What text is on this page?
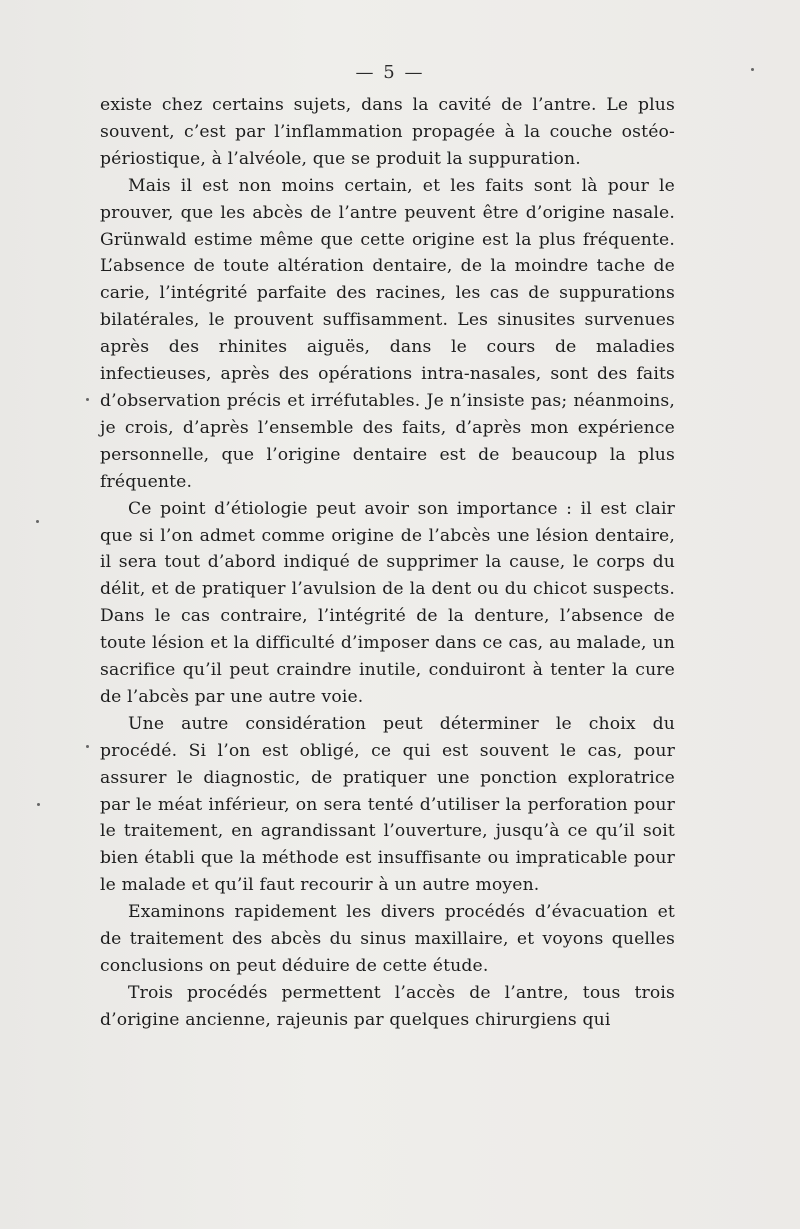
— 5 —

existe chez certains sujets, dans la cavité de l’antre. Le plus souvent, c’est par l’inflammation propagée à la couche ostéo-périostique, à l’alvéole, que se produit la suppuration.

Mais il est non moins certain, et les faits sont là pour le prouver, que les abcès de l’antre peuvent être d’origine nasale. Grünwald estime même que cette origine est la plus fréquente. L’absence de toute altération dentaire, de la moindre tache de carie, l’intégrité parfaite des racines, les cas de suppurations bilatérales, le prouvent suffisamment. Les sinusites survenues après des rhinites aiguës, dans le cours de maladies infectieuses, après des opérations intra-nasales, sont des faits d’observation précis et irréfutables. Je n’insiste pas; néanmoins, je crois, d’après l’ensemble des faits, d’après mon expérience personnelle, que l’origine dentaire est de beaucoup la plus fréquente.

Ce point d’étiologie peut avoir son importance : il est clair que si l’on admet comme origine de l’abcès une lésion dentaire, il sera tout d’abord indiqué de supprimer la cause, le corps du délit, et de pratiquer l’avulsion de la dent ou du chicot suspects. Dans le cas contraire, l’intégrité de la denture, l’absence de toute lésion et la difficulté d’imposer dans ce cas, au malade, un sacrifice qu’il peut craindre inutile, conduiront à tenter la cure de l’abcès par une autre voie.

Une autre considération peut déterminer le choix du procédé. Si l’on est obligé, ce qui est souvent le cas, pour assurer le diagnostic, de pratiquer une ponction exploratrice par le méat inférieur, on sera tenté d’utiliser la perforation pour le traitement, en agrandissant l’ouverture, jusqu’à ce qu’il soit bien établi que la méthode est insuffisante ou impraticable pour le malade et qu’il faut recourir à un autre moyen.

Examinons rapidement les divers procédés d’évacuation et de traitement des abcès du sinus maxillaire, et voyons quelles conclusions on peut déduire de cette étude.

Trois procédés permettent l’accès de l’antre, tous trois d’origine ancienne, rajeunis par quelques chirurgiens qui
